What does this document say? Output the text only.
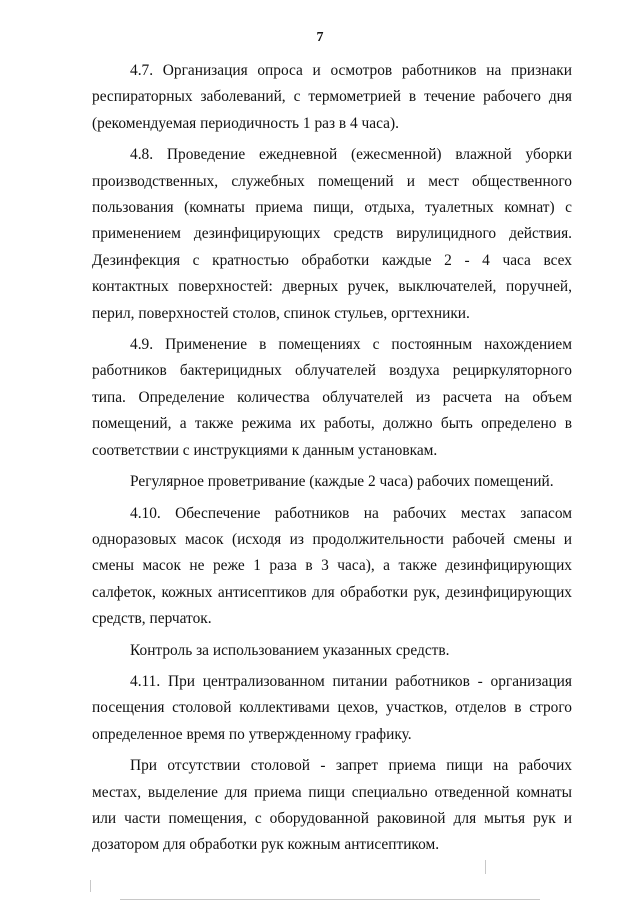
7

4.7. Организация опроса и осмотров работников на признаки респираторных заболеваний, с термометрией в течение рабочего дня (рекомендуемая периодичность 1 раз в 4 часа).

4.8. Проведение ежедневной (ежесменной) влажной уборки производственных, служебных помещений и мест общественного пользования (комнаты приема пищи, отдыха, туалетных комнат) с применением дезинфицирующих средств вирулицидного действия. Дезинфекция с кратностью обработки каждые 2 - 4 часа всех контактных поверхностей: дверных ручек, выключателей, поручней, перил, поверхностей столов, спинок стульев, оргтехники.

4.9. Применение в помещениях с постоянным нахождением работников бактерицидных облучателей воздуха рециркуляторного типа. Определение количества облучателей из расчета на объем помещений, а также режима их работы, должно быть определено в соответствии с инструкциями к данным установкам.

Регулярное проветривание (каждые 2 часа) рабочих помещений.

4.10. Обеспечение работников на рабочих местах запасом одноразовых масок (исходя из продолжительности рабочей смены и смены масок не реже 1 раза в 3 часа), а также дезинфицирующих салфеток, кожных антисептиков для обработки рук, дезинфицирующих средств, перчаток.

Контроль за использованием указанных средств.

4.11. При централизованном питании работников - организация посещения столовой коллективами цехов, участков, отделов в строго определенное время по утвержденному графику.

При отсутствии столовой - запрет приема пищи на рабочих местах, выделение для приема пищи специально отведенной комнаты или части помещения, с оборудованной раковиной для мытья рук и дозатором для обработки рук кожным антисептиком.
